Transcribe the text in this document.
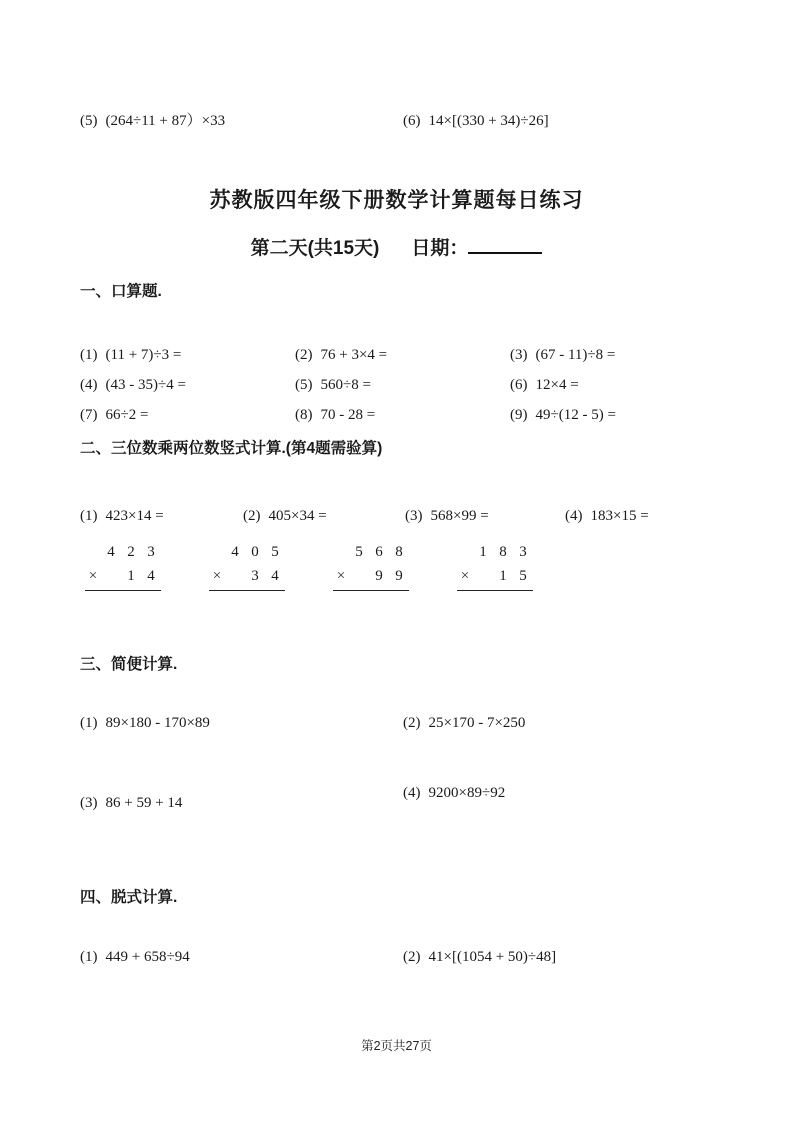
(5) (264÷11 + 87）×33	(6) 14×[(330 + 34)÷26]
苏教版四年级下册数学计算题每日练习
第二天(共15天) 日期：
一、口算题.
(1) (11 + 7)÷3 =	(2) 76 + 3×4 =	(3) (67 - 11)÷8 =
(4) (43 - 35)÷4 =	(5) 560÷8 =	(6) 12×4 =
(7) 66÷2 =	(8) 70 - 28 =	(9) 49÷(12 - 5) =
二、三位数乘两位数竖式计算.(第4题需验算)
(1) 423×14 =	(2) 405×34 =	(3) 568×99 =	(4) 183×15 =
4 2 3
×	1 4
4 0 5
×	3 4
5 6 8
×	9 9
1 8 3
×	1 5
三、简便计算.
(1) 89×180 - 170×89	(2) 25×170 - 7×250
(3) 86 + 59 + 14
(4) 9200×89÷92
四、脱式计算.
(1) 449 + 658÷94	(2) 41×[(1054 + 50)÷48]
第2页共27页
